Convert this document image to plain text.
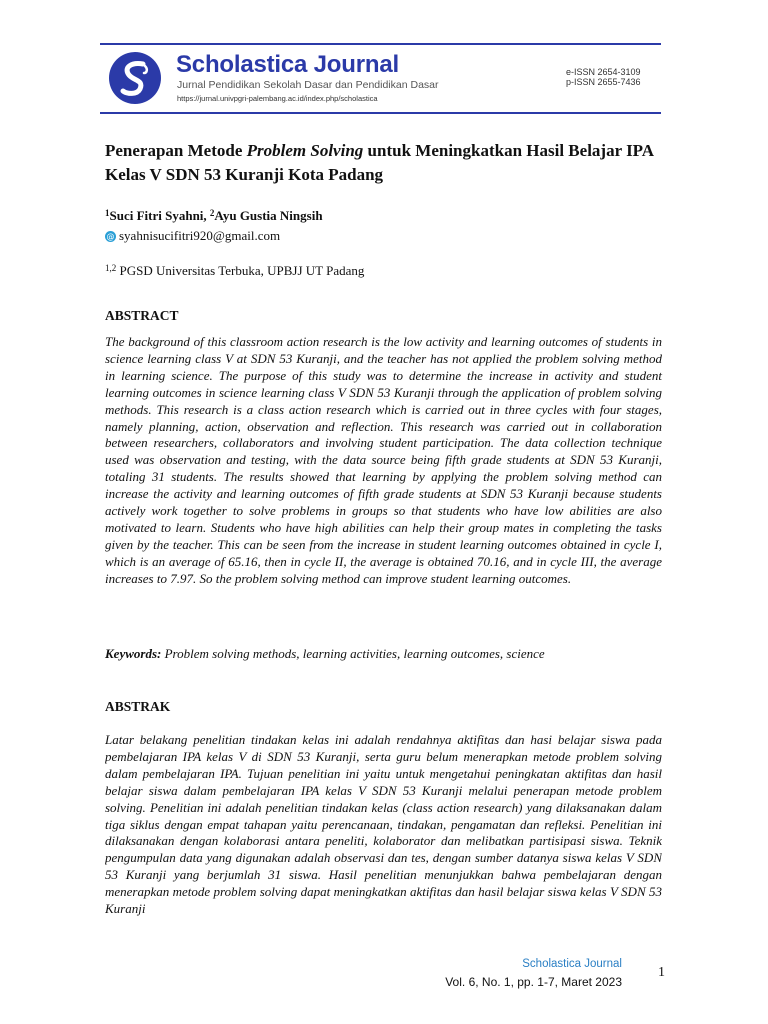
Scholastica Journal
Jurnal Pendidikan Sekolah Dasar dan Pendidikan Dasar
https://jurnal.univpgri-palembang.ac.id/index.php/scholastica
e-ISSN 2654-3109
p-ISSN 2655-7436
Penerapan Metode Problem Solving untuk Meningkatkan Hasil Belajar IPA Kelas V SDN 53 Kuranji Kota Padang
$^1$Suci Fitri Syahni, $^2$Ayu Gustia Ningsih
@ syahnisucifitri920@gmail.com
$^{1,2}$ PGSD Universitas Terbuka, UPBJJ UT Padang
ABSTRACT

The background of this classroom action research is the low activity and learning outcomes of students in science learning class V at SDN 53 Kuranji, and the teacher has not applied the problem solving method in learning science. The purpose of this study was to determine the increase in activity and student learning outcomes in science learning class V SDN 53 Kuranji through the application of problem solving methods. This research is a class action research which is carried out in three cycles with four stages, namely planning, action, observation and reflection. This research was carried out in collaboration between researchers, collaborators and involving student participation. The data collection technique used was observation and testing, with the data source being fifth grade students at SDN 53 Kuranji, totaling 31 students. The results showed that learning by applying the problem solving method can increase the activity and learning outcomes of fifth grade students at SDN 53 Kuranji because students actively work together to solve problems in groups so that students who have low abilities are also motivated to learn. Students who have high abilities can help their group mates in completing the tasks given by the teacher. This can be seen from the increase in student learning outcomes obtained in cycle I, which is an average of 65.16, then in cycle II, the average is obtained 70.16, and in cycle III, the average increases to 7.97. So the problem solving method can improve student learning outcomes.

Keywords: Problem solving methods, learning activities, learning outcomes, science
ABSTRAK

Latar belakang penelitian tindakan kelas ini adalah rendahnya aktifitas dan hasi belajar siswa pada pembelajaran IPA kelas V di SDN 53 Kuranji, serta guru belum menerapkan metode problem solving dalam pembelajaran IPA. Tujuan penelitian ini yaitu untuk mengetahui peningkatan aktifitas dan hasil belajar siswa dalam pembelajaran IPA kelas V SDN 53 Kuranji melalui penerapan metode problem solving. Penelitian ini adalah penelitian tindakan kelas (class action research) yang dilaksanakan dalam tiga siklus dengan empat tahapan yaitu perencanaan, tindakan, pengamatan dan refleksi. Penelitian ini dilaksanakan dengan kolaborasi antara peneliti, kolaborator dan melibatkan partisipasi siswa. Teknik pengumpulan data yang digunakan adalah observasi dan tes, dengan sumber datanya siswa kelas V SDN 53 Kuranji yang berjumlah 31 siswa. Hasil penelitian menunjukkan bahwa pembelajaran dengan menerapkan metode problem solving dapat meningkatkan aktifitas dan hasil belajar siswa kelas V SDN 53 Kuranji

Scholastica Journal
Vol. 6, No. 1, pp. 1-7, Maret 2023
1
